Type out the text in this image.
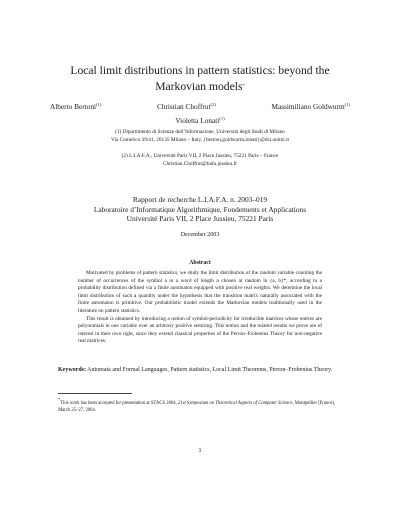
Local limit distributions in pattern statistics: beyond the
Markovian models*
Alberto Bertoni$^{(1)}$	Christian Choffrut$^{(2)}$	Massimiliano Goldwurm$^{(1)}$
Violetta Lonati$^{(1)}$
(1) Dipartimento di Scienze dell’Informazione, Università degli Studi di Milano
Via Comelico 39/41, 20135 Milano – Italy, {bertoni,goldwurm,lonati}@dsi.unimi.it
(2) L.I.A.F.A., Université Paris VII, 2 Place Jussieu, 75221 Paris – France
Christian.Choffrut@liafa.jussieu.fr
Rapport de recherche L.I.A.F.A. n. 2003–019
Laboratoire d’Informatique Algorithmique, Fondements et Applications
Université Paris VII, 2 Place Jussieu, 75221 Paris
December 2003
Abstract

Motivated by problems of pattern statistics, we study the limit distribution of the random variable counting the number of occurrences of the symbol a in a word of length n chosen at random in {a, b}*, according to a probability distribution defined via a finite automaton equipped with positive real weights. We determine the local limit distribution of such a quantity under the hypothesis that the transition matrix naturally associated with the finite automaton is primitive. Our probabilistic model extends the Markovian models traditionally used in the literature on pattern statistics.

This result is obtained by introducing a notion of symbol-periodicity for irreducible matrices whose entries are polynomials in one variable over an arbitrary positive semiring. This notion and the related results we prove are of interest in their own right, since they extend classical properties of the Perron–Frobenius Theory for non-negative real matrices.

Keywords: Automata and Formal Languages, Pattern statistics, Local Limit Theorems, Perron–Frobenius Theory.
*This work has been accepted for presentation at STACS 2004, 21st Symposium on Theoretical Aspects of Computer Science, Montpellier (France), March 25–27, 2004.
1
